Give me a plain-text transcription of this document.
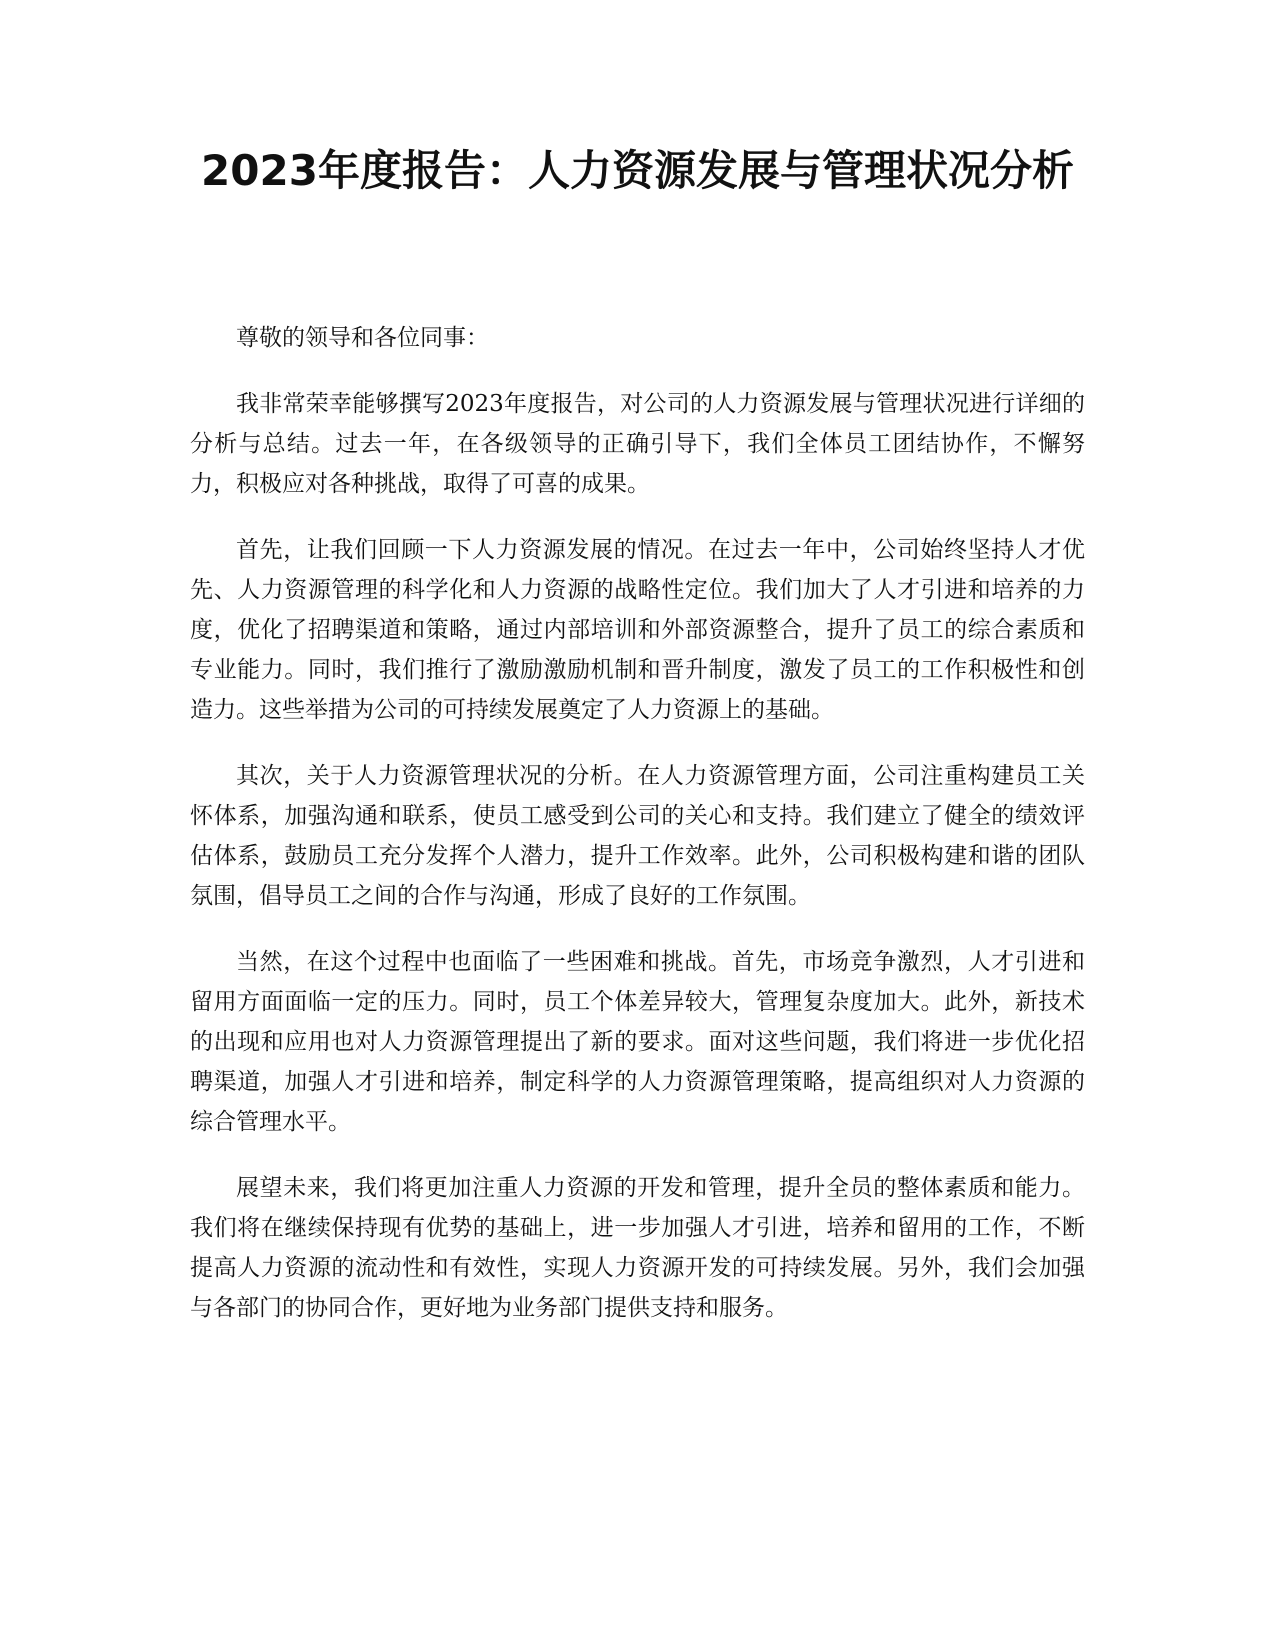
2023年度报告：人力资源发展与管理状况分析

尊敬的领导和各位同事：

我非常荣幸能够撰写2023年度报告，对公司的人力资源发展与管理状况进行详细的分析与总结。过去一年，在各级领导的正确引导下，我们全体员工团结协作，不懈努力，积极应对各种挑战，取得了可喜的成果。

首先，让我们回顾一下人力资源发展的情况。在过去一年中，公司始终坚持人才优先、人力资源管理的科学化和人力资源的战略性定位。我们加大了人才引进和培养的力度，优化了招聘渠道和策略，通过内部培训和外部资源整合，提升了员工的综合素质和专业能力。同时，我们推行了激励激励机制和晋升制度，激发了员工的工作积极性和创造力。这些举措为公司的可持续发展奠定了人力资源上的基础。

其次，关于人力资源管理状况的分析。在人力资源管理方面，公司注重构建员工关怀体系，加强沟通和联系，使员工感受到公司的关心和支持。我们建立了健全的绩效评估体系，鼓励员工充分发挥个人潜力，提升工作效率。此外，公司积极构建和谐的团队氛围，倡导员工之间的合作与沟通，形成了良好的工作氛围。

当然，在这个过程中也面临了一些困难和挑战。首先，市场竞争激烈，人才引进和留用方面面临一定的压力。同时，员工个体差异较大，管理复杂度加大。此外，新技术的出现和应用也对人力资源管理提出了新的要求。面对这些问题，我们将进一步优化招聘渠道，加强人才引进和培养，制定科学的人力资源管理策略，提高组织对人力资源的综合管理水平。

展望未来，我们将更加注重人力资源的开发和管理，提升全员的整体素质和能力。我们将在继续保持现有优势的基础上，进一步加强人才引进，培养和留用的工作，不断提高人力资源的流动性和有效性，实现人力资源开发的可持续发展。另外，我们会加强与各部门的协同合作，更好地为业务部门提供支持和服务。
